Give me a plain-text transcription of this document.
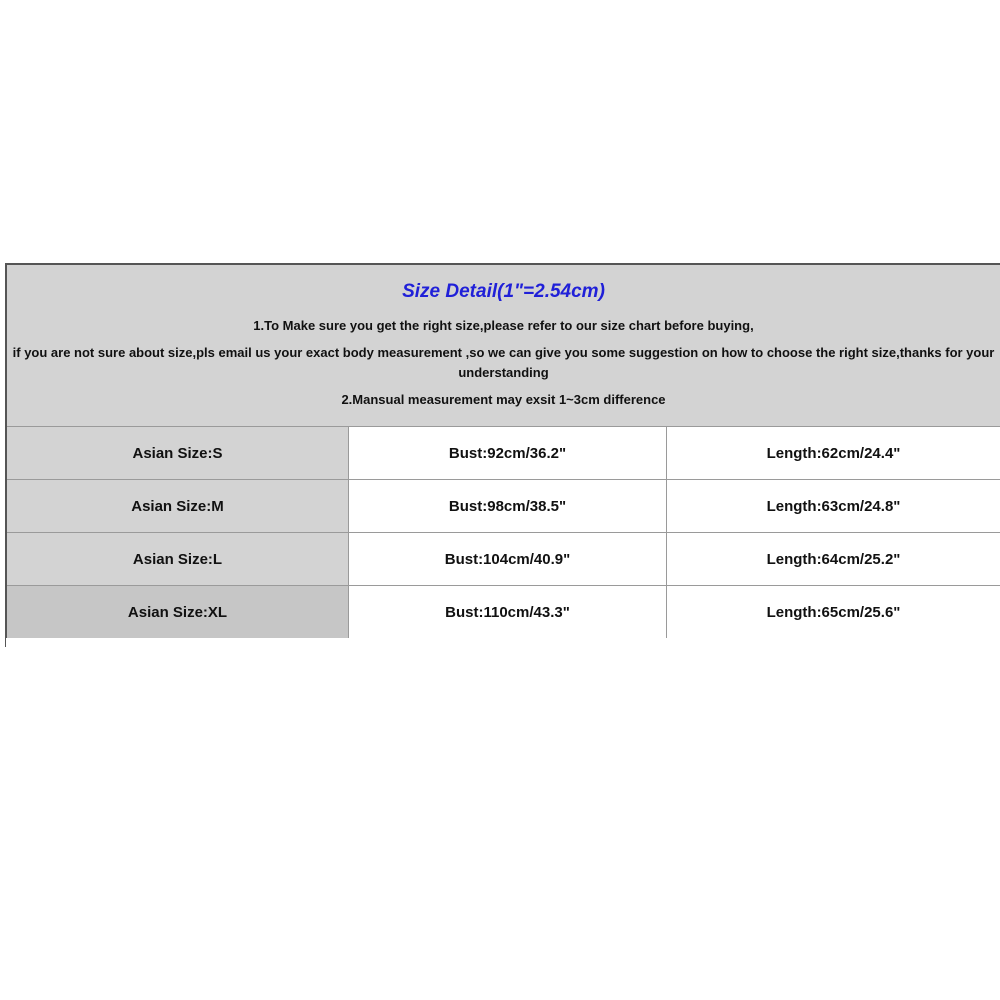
Size Detail(1"=2.54cm)
1.To Make sure you get the right size,please refer to our size chart before buying,
if you are not sure about size,pls email us your exact body measurement ,so we can give you some suggestion on how to choose the right size,thanks for your understanding
2.Mansual measurement may exsit 1~3cm difference
Asian Size:S	Bust:92cm/36.2"	Length:62cm/24.4"
Asian Size:M	Bust:98cm/38.5"	Length:63cm/24.8"
Asian Size:L	Bust:104cm/40.9"	Length:64cm/25.2"
Asian Size:XL	Bust:110cm/43.3"	Length:65cm/25.6"
